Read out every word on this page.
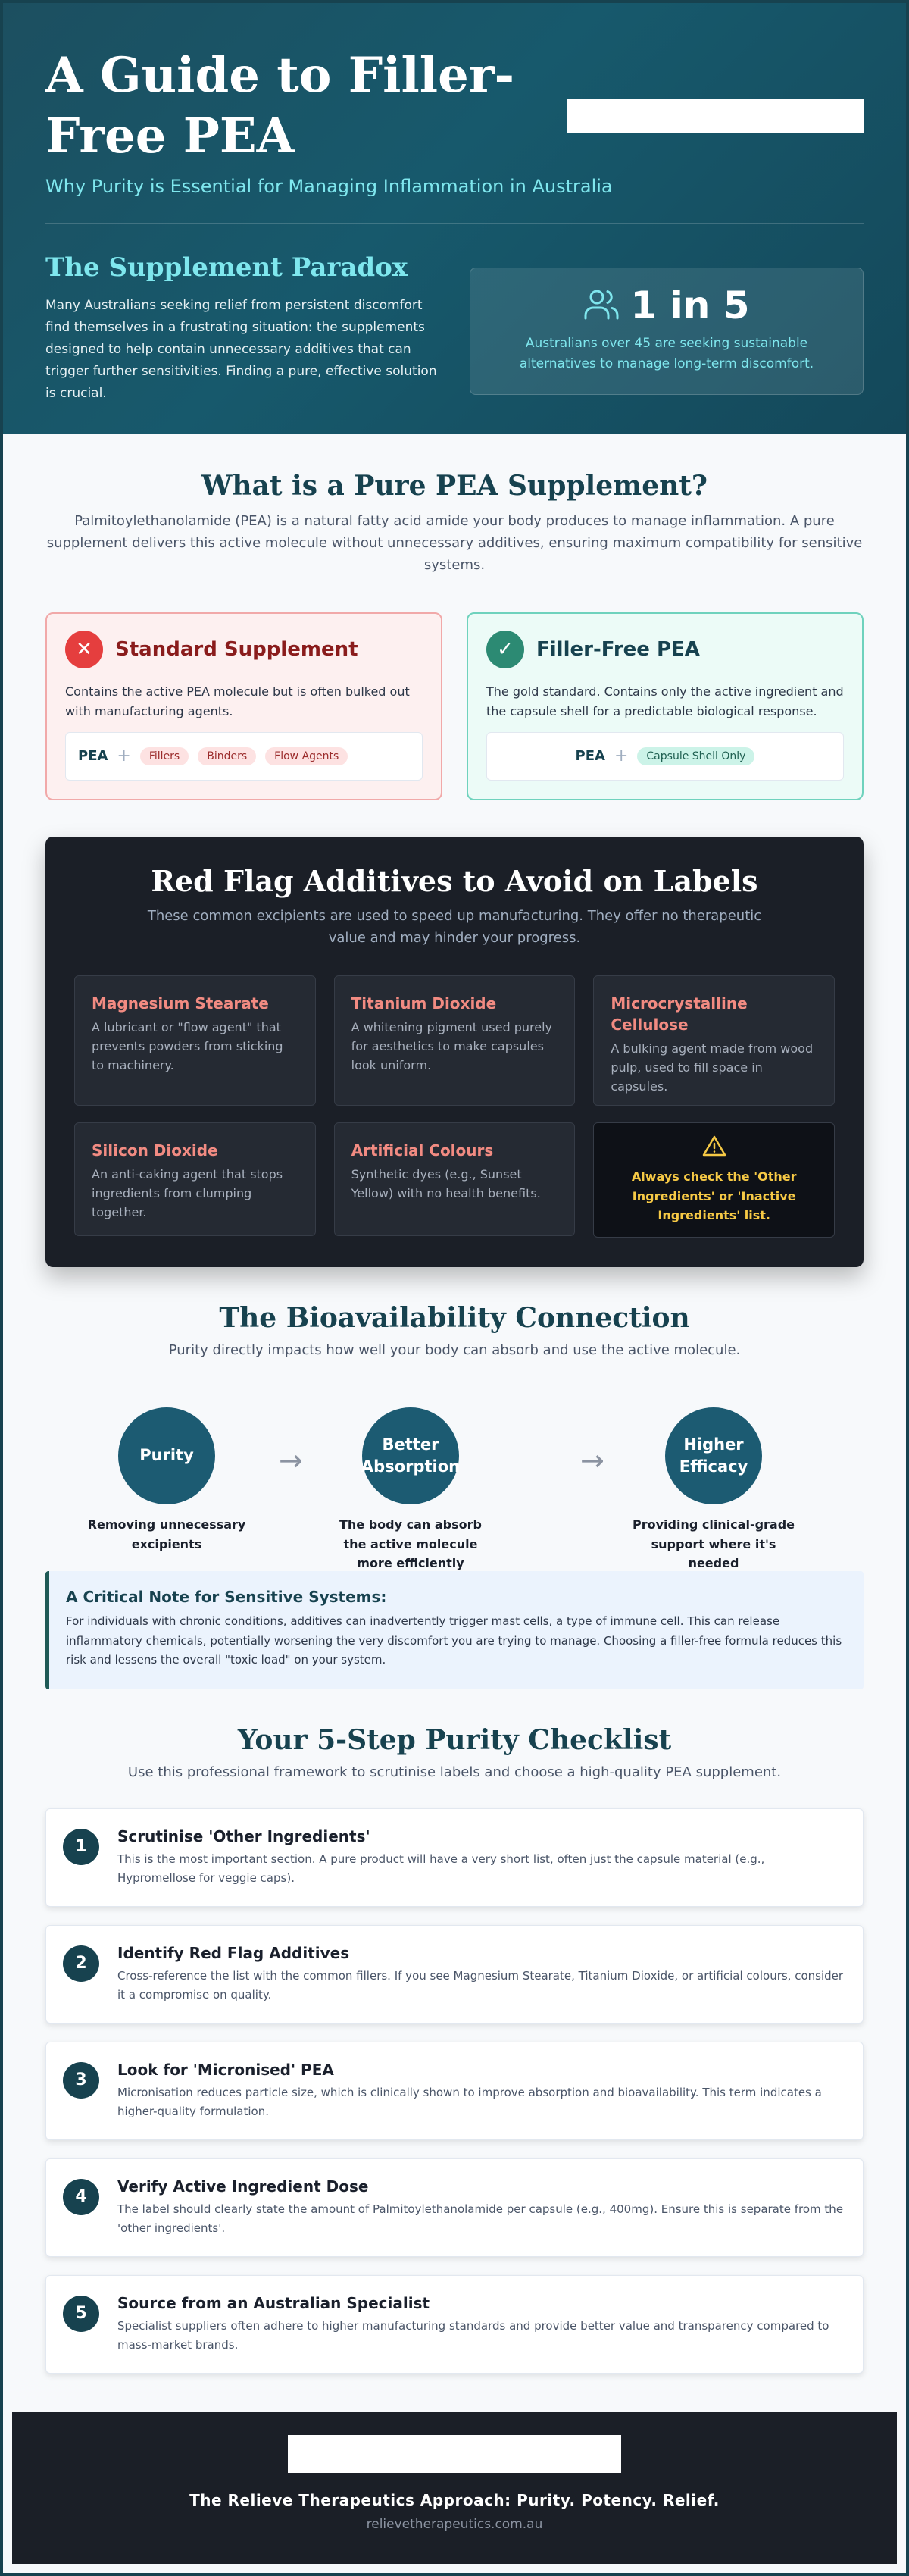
A Guide to Filler-Free PEA

Why Purity is Essential for Managing Inflammation in Australia

The Supplement Paradox

Many Australians seeking relief from persistent discomfort find themselves in a frustrating situation: the supplements designed to help contain unnecessary additives that can trigger further sensitivities. Finding a pure, effective solution is crucial.

1 in 5

Australians over 45 are seeking sustainable alternatives to manage long-term discomfort.

What is a Pure PEA Supplement?

Palmitoylethanolamide (PEA) is a natural fatty acid amide your body produces to manage inflammation. A pure supplement delivers this active molecule without unnecessary additives, ensuring maximum compatibility for sensitive systems.

✕	Standard Supplement

Contains the active PEA molecule but is often bulked out with manufacturing agents.

PEA +	Fillers	Binders	Flow Agents
✓	Filler-Free PEA

The gold standard. Contains only the active ingredient and the capsule shell for a predictable biological response.

PEA +	Capsule Shell Only
Red Flag Additives to Avoid on Labels

These common excipients are used to speed up manufacturing. They offer no therapeutic value and may hinder your progress.

Magnesium Stearate

A lubricant or "flow agent" that prevents powders from sticking to machinery.

Titanium Dioxide

A whitening pigment used purely for aesthetics to make capsules look uniform.

Microcrystalline Cellulose

A bulking agent made from wood pulp, used to fill space in capsules.

Silicon Dioxide

An anti-caking agent that stops ingredients from clumping together.

Artificial Colours

Synthetic dyes (e.g., Sunset Yellow) with no health benefits.

Always check the 'Other Ingredients' or 'Inactive Ingredients' list.

The Bioavailability Connection

Purity directly impacts how well your body can absorb and use the active molecule.

Purity

Removing unnecessary excipients

→	Better Absorption

The body can absorb the active molecule more efficiently

→	Higher Efficacy

Providing clinical-grade support where it's needed

A Critical Note for Sensitive Systems:

For individuals with chronic conditions, additives can inadvertently trigger mast cells, a type of immune cell. This can release inflammatory chemicals, potentially worsening the very discomfort you are trying to manage. Choosing a filler-free formula reduces this risk and lessens the overall "toxic load" on your system.

Your 5-Step Purity Checklist

Use this professional framework to scrutinise labels and choose a high-quality PEA supplement.

1
Scrutinise 'Other Ingredients'

This is the most important section. A pure product will have a very short list, often just the capsule material (e.g., Hypromellose for veggie caps).

2
Identify Red Flag Additives

Cross-reference the list with the common fillers. If you see Magnesium Stearate, Titanium Dioxide, or artificial colours, consider it a compromise on quality.

3
Look for 'Micronised' PEA

Micronisation reduces particle size, which is clinically shown to improve absorption and bioavailability. This term indicates a higher-quality formulation.

4
Verify Active Ingredient Dose

The label should clearly state the amount of Palmitoylethanolamide per capsule (e.g., 400mg). Ensure this is separate from the 'other ingredients'.

5
Source from an Australian Specialist

Specialist suppliers often adhere to higher manufacturing standards and provide better value and transparency compared to mass-market brands.

The Relieve Therapeutics Approach: Purity. Potency. Relief.

relievetherapeutics.com.au
